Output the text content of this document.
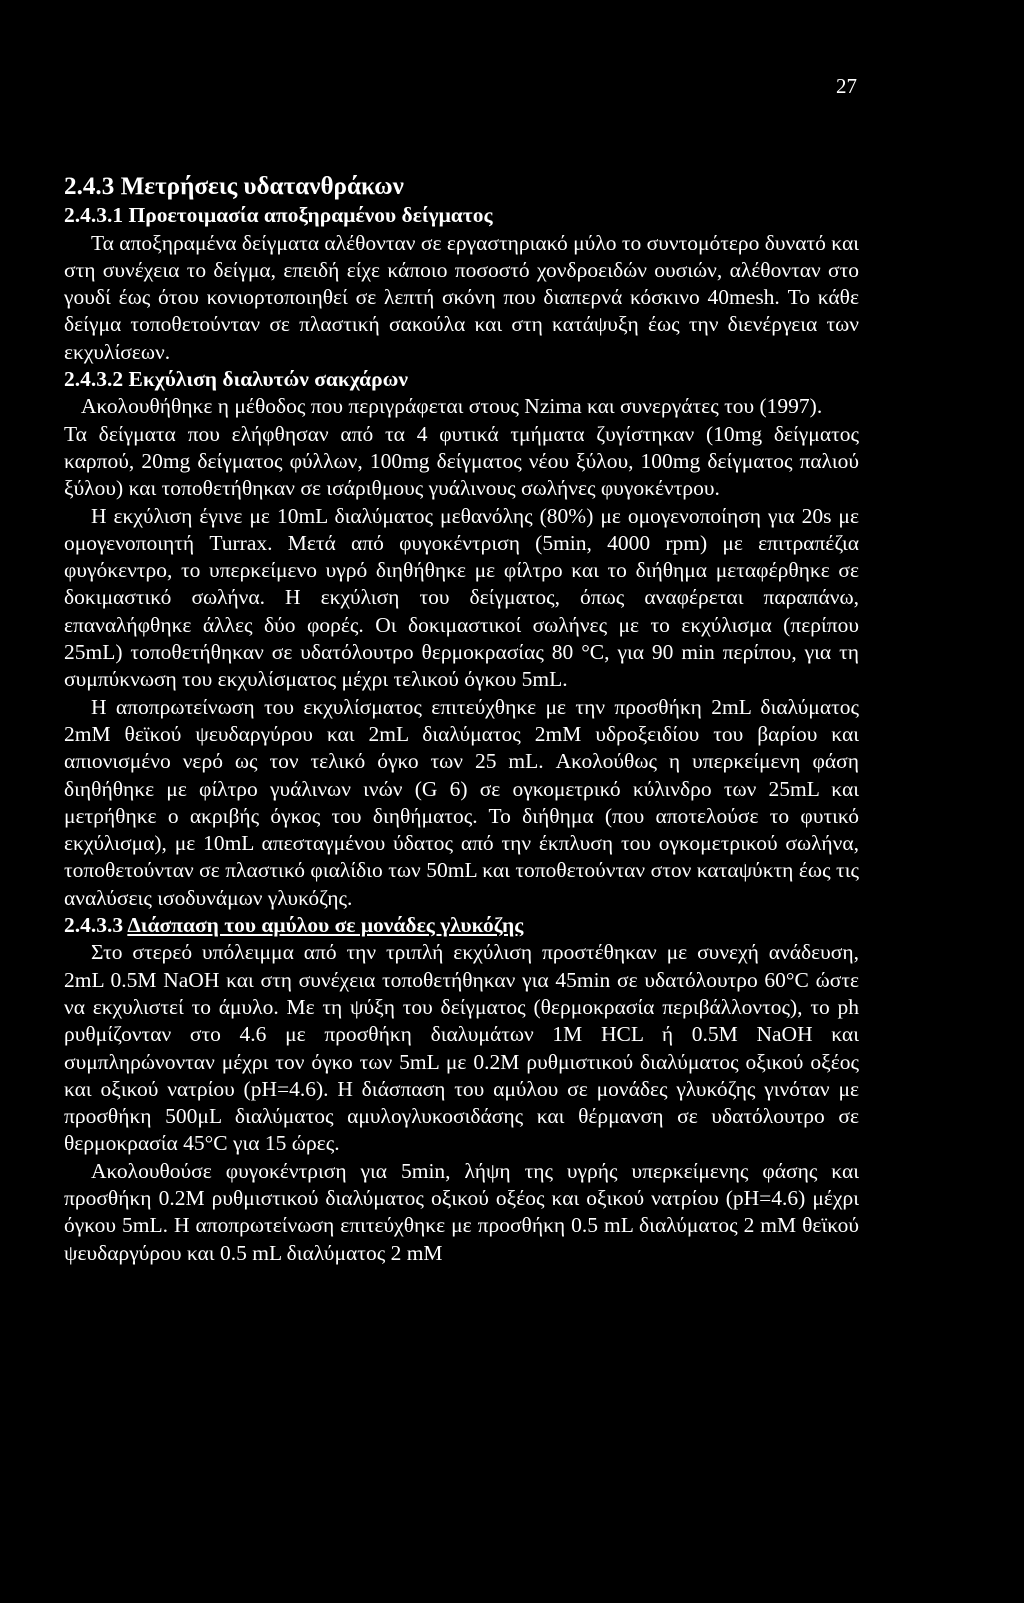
27
2.4.3 Μετρήσεις υδατανθράκων
2.4.3.1 Προετοιμασία αποξηραμένου δείγματος

Τα αποξηραμένα δείγματα αλέθονταν σε εργαστηριακό μύλο το συντομότερο δυνατό και στη συνέχεια το δείγμα, επειδή είχε κάποιο ποσοστό χονδροειδών ουσιών, αλέθονταν στο γουδί έως ότου κονιορτοποιηθεί σε λεπτή σκόνη που διαπερνά κόσκινο 40mesh. Το κάθε δείγμα τοποθετούνταν σε πλαστική σακούλα και στη κατάψυξη έως την διενέργεια των εκχυλίσεων.

2.4.3.2 Εκχύλιση διαλυτών σακχάρων

Ακολουθήθηκε η μέθοδος που περιγράφεται στους Nzima και συνεργάτες του (1997).

Τα δείγματα που ελήφθησαν από τα 4 φυτικά τμήματα ζυγίστηκαν (10mg δείγματος καρπού, 20mg δείγματος φύλλων, 100mg δείγματος νέου ξύλου, 100mg δείγματος παλιού ξύλου) και τοποθετήθηκαν σε ισάριθμους γυάλινους σωλήνες φυγοκέντρου.

Η εκχύλιση έγινε με 10mL διαλύματος μεθανόλης (80%) με ομογενοποίηση για 20s με ομογενοποιητή Turrax. Μετά από φυγοκέντριση (5min, 4000 rpm) με επιτραπέζια φυγόκεντρο, το υπερκείμενο υγρό διηθήθηκε με φίλτρο και το διήθημα μεταφέρθηκε σε δοκιμαστικό σωλήνα. Η εκχύλιση του δείγματος, όπως αναφέρεται παραπάνω, επαναλήφθηκε άλλες δύο φορές. Οι δοκιμαστικοί σωλήνες με το εκχύλισμα (περίπου 25mL) τοποθετήθηκαν σε υδατόλουτρο θερμοκρασίας 80 °C, για 90 min περίπου, για τη συμπύκνωση του εκχυλίσματος μέχρι τελικού όγκου 5mL.

Η αποπρωτείνωση του εκχυλίσματος επιτεύχθηκε με την προσθήκη 2mL διαλύματος 2mM θεϊκού ψευδαργύρου και 2mL διαλύματος 2mM υδροξειδίου του βαρίου και απιονισμένο νερό ως τον τελικό όγκο των 25 mL. Ακολούθως η υπερκείμενη φάση διηθήθηκε με φίλτρο γυάλινων ινών (G 6) σε ογκομετρικό κύλινδρο των 25mL και μετρήθηκε ο ακριβής όγκος του διηθήματος. Το διήθημα (που αποτελούσε το φυτικό εκχύλισμα), με 10mL απεσταγμένου ύδατος από την έκπλυση του ογκομετρικού σωλήνα, τοποθετούνταν σε πλαστικό φιαλίδιο των 50mL και τοποθετούνταν στον καταψύκτη έως τις αναλύσεις ισοδυνάμων γλυκόζης.

2.4.3.3 Διάσπαση του αμύλου σε μονάδες γλυκόζης

Στο στερεό υπόλειμμα από την τριπλή εκχύλιση προστέθηκαν με συνεχή ανάδευση, 2mL 0.5M NaOH και στη συνέχεια τοποθετήθηκαν για 45min σε υδατόλουτρο 60°C ώστε να εκχυλιστεί το άμυλο. Με τη ψύξη του δείγματος (θερμοκρασία περιβάλλοντος), το ph ρυθμίζονταν στο 4.6 με προσθήκη διαλυμάτων 1M HCL ή 0.5M NaOH και συμπληρώνονταν μέχρι τον όγκο των 5mL με 0.2M ρυθμιστικού διαλύματος οξικού οξέος και οξικού νατρίου (pH=4.6). Η διάσπαση του αμύλου σε μονάδες γλυκόζης γινόταν με προσθήκη 500μL διαλύματος αμυλογλυκοσιδάσης και θέρμανση σε υδατόλουτρο σε θερμοκρασία 45°C για 15 ώρες.

Ακολουθούσε φυγοκέντριση για 5min, λήψη της υγρής υπερκείμενης φάσης και προσθήκη 0.2M ρυθμιστικού διαλύματος οξικού οξέος και οξικού νατρίου (pH=4.6) μέχρι όγκου 5mL. Η αποπρωτείνωση επιτεύχθηκε με προσθήκη 0.5 mL διαλύματος 2 mM θεϊκού ψευδαργύρου και 0.5 mL διαλύματος 2 mM
